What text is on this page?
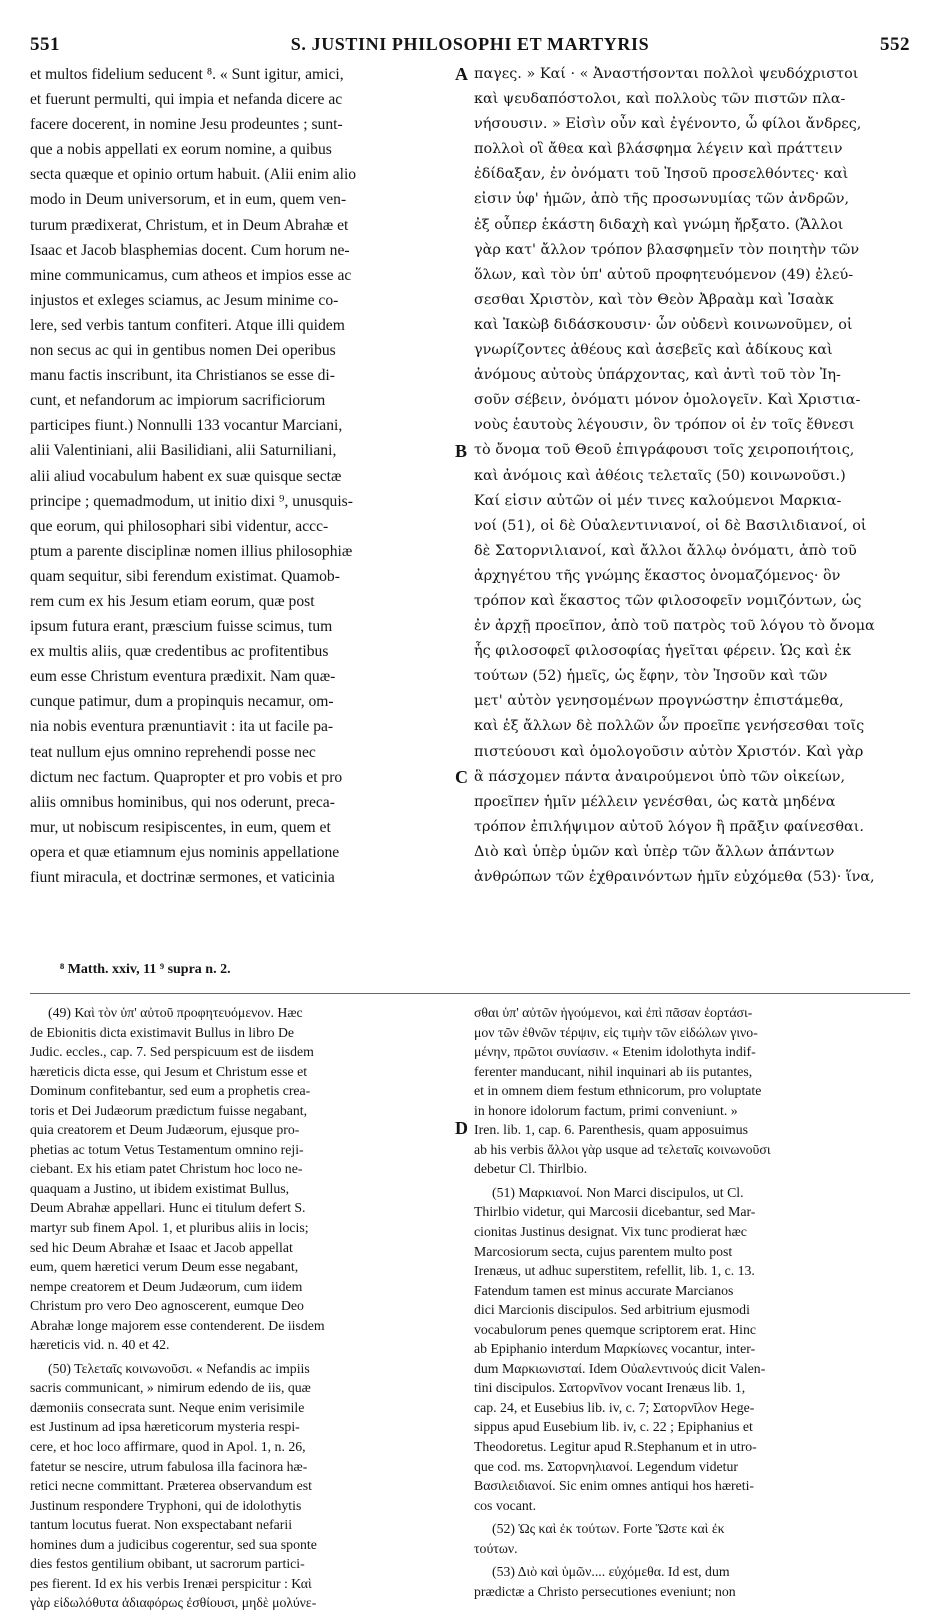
551	S. JUSTINI PHILOSOPHI ET MARTYRIS	552
et multos fidelium seducent ⁸. « Sunt igitur, amici,
et fuerunt permulti, qui impia et nefanda dicere ac
facere docerent, in nomine Jesu prodeuntes ; sunt-
que a nobis appellati ex eorum nomine, a quibus
secta quæque et opinio ortum habuit. (Alii enim alio
modo in Deum universorum, et in eum, quem ven-
turum prædixerat, Christum, et in Deum Abrahæ et
Isaac et Jacob blasphemias docent. Cum horum ne-
mine communicamus, cum atheos et impios esse ac
injustos et exleges sciamus, ac Jesum minime co-
lere, sed verbis tantum confiteri. Atque illi quidem
non secus ac qui in gentibus nomen Dei operibus
manu factis inscribunt, ita Christianos se esse di-
cunt, et nefandorum ac impiorum sacrificiorum
participes fiunt.) Nonnulli 133 vocantur Marciani,
alii Valentiniani, alii Basilidiani, alii Saturniliani,
alii aliud vocabulum habent ex suæ quisque sectæ
principe ; quemadmodum, ut initio dixi ⁹, unusquis-
que eorum, qui philosophari sibi videntur, accc-
ptum a parente disciplinæ nomen illius philosophiæ
quam sequitur, sibi ferendum existimat. Quamob-
rem cum ex his Jesum etiam eorum, quæ post
ipsum futura erant, præscium fuisse scimus, tum
ex multis aliis, quæ credentibus ac profitentibus
eum esse Christum eventura prædixit. Nam quæ-
cunque patimur, dum a propinquis necamur, om-
nia nobis eventura prænuntiavit : ita ut facile pa-
teat nullum ejus omnino reprehendi posse nec
dictum nec factum. Quapropter et pro vobis et pro
aliis omnibus hominibus, qui nos oderunt, preca-
mur, ut nobiscum resipiscentes, in eum, quem et
opera et quæ etiamnum ejus nominis appellatione
fiunt miracula, et doctrinæ sermones, et vaticinia
παγες. » Καί · « Ἀναστήσονται πολλοὶ ψευδόχριστοι
καὶ ψευδαπόστολοι, καὶ πολλοὺς τῶν πιστῶν πλα-
νήσουσιν. » Εἰσὶν οὖν καὶ ἐγένοντο, ὦ φίλοι ἄνδρες,
πολλοὶ οἳ ἄθεα καὶ βλάσφημα λέγειν καὶ πράττειν
ἐδίδαξαν, ἐν ὀνόματι τοῦ Ἰησοῦ προσελθόντες· καὶ
εἰσιν ὑφ' ἡμῶν, ἀπὸ τῆς προσωνυμίας τῶν ἀνδρῶν,
ἐξ οὗπερ ἑκάστη διδαχὴ καὶ γνώμη ἤρξατο. (Ἄλλοι
γὰρ κατ' ἄλλον τρόπον βλασφημεῖν τὸν ποιητὴν τῶν
ὅλων, καὶ τὸν ὑπ' αὐτοῦ προφητευόμενον (49) ἐλεύ-
σεσθαι Χριστὸν, καὶ τὸν Θεὸν Ἀβραὰμ καὶ Ἰσαὰκ
καὶ Ἰακὼβ διδάσκουσιν· ὧν οὐδενὶ κοινωνοῦμεν, οἱ
γνωρίζοντες ἀθέους καὶ ἀσεβεῖς καὶ ἀδίκους καὶ
ἀνόμους αὐτοὺς ὑπάρχοντας, καὶ ἀντὶ τοῦ τὸν Ἰη-
σοῦν σέβειν, ὀνόματι μόνον ὁμολογεῖν. Καὶ Χριστια-
νοὺς ἑαυτοὺς λέγουσιν, ὃν τρόπον οἱ ἐν τοῖς ἔθνεσι
τὸ ὄνομα τοῦ Θεοῦ ἐπιγράφουσι τοῖς χειροποιήτοις,
καὶ ἀνόμοις καὶ ἀθέοις τελεταῖς (50) κοινωνοῦσι.)
Καί εἰσιν αὐτῶν οἱ μέν τινες καλούμενοι Μαρκια-
νοί (51), οἱ δὲ Οὐαλεντινιανοί, οἱ δὲ Βασιλιδιανοί, οἱ
δὲ Σατορνιλιανοί, καὶ ἄλλοι ἄλλῳ ὀνόματι, ἀπὸ τοῦ
ἀρχηγέτου τῆς γνώμης ἕκαστος ὀνομαζόμενος· ὃν
τρόπον καὶ ἕκαστος τῶν φιλοσοφεῖν νομιζόντων, ὡς
ἐν ἀρχῇ προεῖπον, ἀπὸ τοῦ πατρὸς τοῦ λόγου τὸ ὄνομα
ἧς φιλοσοφεῖ φιλοσοφίας ἡγεῖται φέρειν. Ὡς καὶ ἐκ
τούτων (52) ἡμεῖς, ὡς ἔφην, τὸν Ἰησοῦν καὶ τῶν
μετ' αὐτὸν γενησομένων προγνώστην ἐπιστάμεθα,
καὶ ἐξ ἄλλων δὲ πολλῶν ὧν προεῖπε γενήσεσθαι τοῖς
πιστεύουσι καὶ ὁμολογοῦσιν αὐτὸν Χριστόν. Καὶ γὰρ
ἃ πάσχομεν πάντα ἀναιρούμενοι ὑπὸ τῶν οἰκείων,
προεῖπεν ἡμῖν μέλλειν γενέσθαι, ὡς κατὰ μηδένα
τρόπον ἐπιλήψιμον αὐτοῦ λόγον ἢ πρᾶξιν φαίνεσθαι.
Διὸ καὶ ὑπὲρ ὑμῶν καὶ ὑπὲρ τῶν ἄλλων ἁπάντων
ἀνθρώπων τῶν ἐχθραινόντων ἡμῖν εὐχόμεθα (53)· ἵνα,
A
B
C
D
⁸ Matth. xxiv, 11 ⁹ supra n. 2.
(49) Καὶ τὸν ὑπ' αὐτοῦ προφητευόμενον. Hæc
de Ebionitis dicta existimavit Bullus in libro De
Judic. eccles., cap. 7. Sed perspicuum est de iisdem
hæreticis dicta esse, qui Jesum et Christum esse et
Dominum confitebantur, sed eum a prophetis crea-
toris et Dei Judæorum prædictum fuisse negabant,
quia creatorem et Deum Judæorum, ejusque pro-
phetias ac totum Vetus Testamentum omnino reji-
ciebant. Ex his etiam patet Christum hoc loco ne-
quaquam a Justino, ut ibidem existimat Bullus,
Deum Abrahæ appellari. Hunc ei titulum defert S.
martyr sub finem Apol. 1, et pluribus aliis in locis;
sed hic Deum Abrahæ et Isaac et Jacob appellat
eum, quem hæretici verum Deum esse negabant,
nempe creatorem et Deum Judæorum, cum iidem
Christum pro vero Deo agnoscerent, eumque Deo
Abrahæ longe majorem esse contenderent. De iisdem
hæreticis vid. n. 40 et 42.
(50) Τελεταῖς κοινωνοῦσι. « Nefandis ac impiis
sacris communicant, » nimirum edendo de iis, quæ
dæmoniis consecrata sunt. Neque enim verisimile
est Justinum ad ipsa hæreticorum mysteria respi-
cere, et hoc loco affirmare, quod in Apol. 1, n. 26,
fatetur se nescire, utrum fabulosa illa facinora hæ-
retici necne committant. Præterea observandum est
Justinum respondere Tryphoni, qui de idolothytis
tantum locutus fuerat. Non exspectabant nefarii
homines dum a judicibus cogerentur, sed sua sponte
dies festos gentilium obibant, ut sacrorum partici-
pes fierent. Id ex his verbis Irenæi perspicitur : Καὶ
γὰρ εἰδωλόθυτα ἀδιαφόρως ἐσθίουσι, μηδὲ μολύνε-
σθαι ὑπ' αὐτῶν ἡγούμενοι, καὶ ἐπὶ πᾶσαν ἑορτάσι-
μον τῶν ἐθνῶν τέρψιν, εἰς τιμὴν τῶν εἰδώλων γινο-
μένην, πρῶτοι συνίασιν. « Etenim idolothyta indif-
ferenter manducant, nihil inquinari ab iis putantes,
et in omnem diem festum ethnicorum, pro voluptate
in honore idolorum factum, primi conveniunt. »
Iren. lib. 1, cap. 6. Parenthesis, quam apposuimus
ab his verbis ἄλλοι γὰρ usque ad τελεταῖς κοινωνοῦσι
debetur Cl. Thirlbio.
(51) Μαρκιανοί. Non Marci discipulos, ut Cl.
Thirlbio videtur, qui Marcosii dicebantur, sed Mar-
cionitas Justinus designat. Vix tunc prodierat hæc
Marcosiorum secta, cujus parentem multo post
Irenæus, ut adhuc superstitem, refellit, lib. 1, c. 13.
Fatendum tamen est minus accurate Marcianos
dici Marcionis discipulos. Sed arbitrium ejusmodi
vocabulorum penes quemque scriptorem erat. Hinc
ab Epiphanio interdum Μαρκίωνες vocantur, inter-
dum Μαρκιωνισταί. Idem Οὐαλεντινούς dicit Valen-
tini discipulos. Σατορνῖνον vocant Irenæus lib. 1,
cap. 24, et Eusebius lib. iv, c. 7; Σατορνῖλον Hege-
sippus apud Eusebium lib. iv, c. 22 ; Epiphanius et
Theodoretus. Legitur apud R.Stephanum et in utro-
que cod. ms. Σατορνηλιανοί. Legendum videtur
Βασιλειδιανοί. Sic enim omnes antiqui hos hæreti-
cos vocant.
(52) Ὡς καὶ ἐκ τούτων. Forte Ὥστε καὶ ἐκ
τούτων.
(53) Διὸ καὶ ὑμῶν.... εὐχόμεθα. Id est, dum
prædictæ a Christo persecutiones eveniunt; non
